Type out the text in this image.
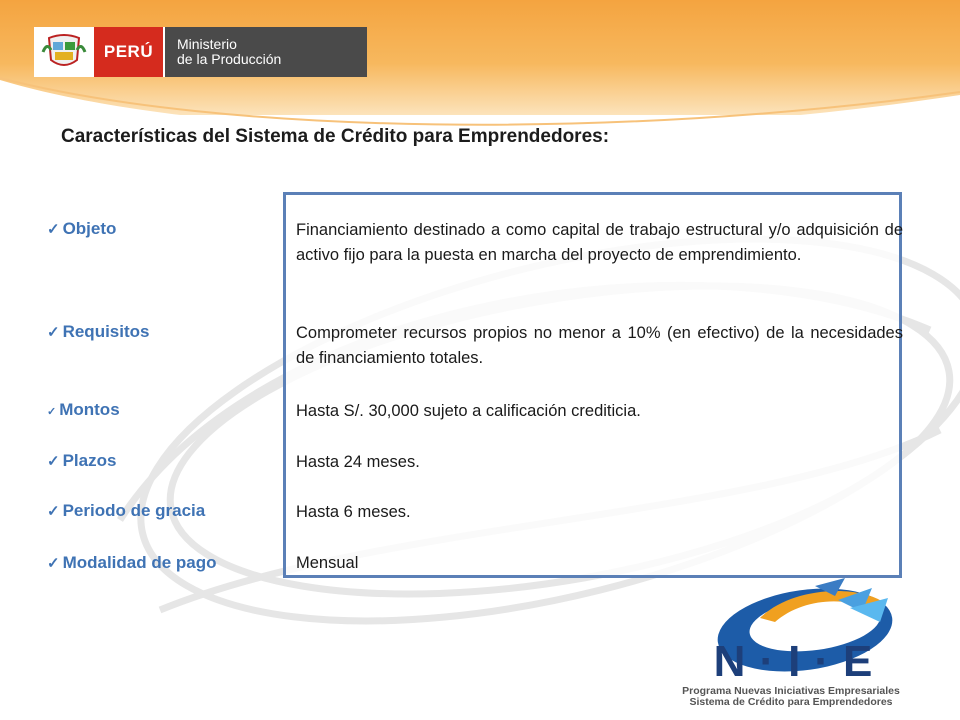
PERÚ	Ministerio
de la Producción
Características del Sistema de Crédito para Emprendedores:
✓ Objeto
✓ Requisitos
✓ Montos
✓ Plazos
✓ Periodo de gracia
✓ Modalidad de pago
Financiamiento destinado a como capital de trabajo estructural y/o adquisición de activo fijo para la puesta en marcha del proyecto de emprendimiento.
Comprometer recursos propios no menor a 10% (en efectivo) de la necesidades de financiamiento totales.
Hasta S/. 30,000 sujeto a calificación crediticia.
Hasta 24 meses.
Hasta 6 meses.
Mensual
N·I·E
Programa Nuevas Iniciativas Empresariales
Sistema de Crédito para Emprendedores
